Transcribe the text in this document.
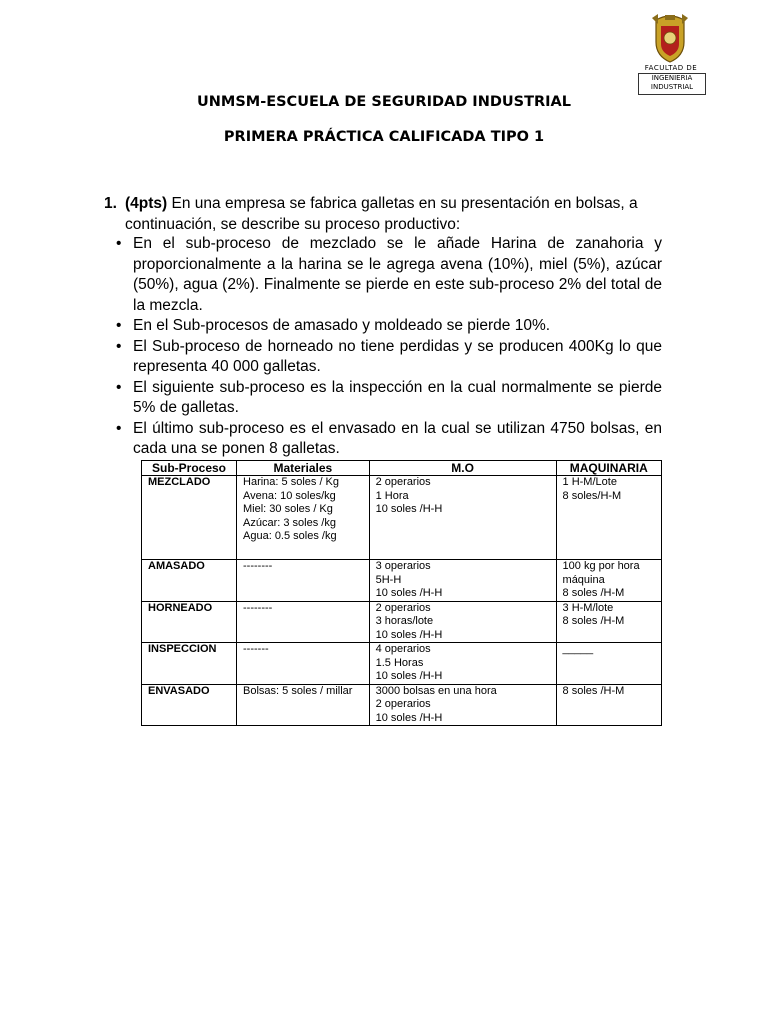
FACULTAD DE
INGENIERIA
INDUSTRIAL
UNMSM-ESCUELA DE SEGURIDAD INDUSTRIAL
PRIMERA PRÁCTICA CALIFICADA TIPO 1
1. (4pts) En una empresa se fabrica galletas en su presentación en bolsas, a continuación, se describe su proceso productivo:
• En el sub-proceso de mezclado se le añade Harina de zanahoria y proporcionalmente a la harina se le agrega avena (10%), miel (5%), azúcar (50%), agua (2%). Finalmente se pierde en este sub-proceso 2% del total de la mezcla.
• En el Sub-procesos de amasado y moldeado se pierde 10%.
• El Sub-proceso de horneado no tiene perdidas y se producen 400Kg lo que representa 40 000 galletas.
• El siguiente sub-proceso es la inspección en la cual normalmente se pierde 5% de galletas.
• El último sub-proceso es el envasado en la cual se utilizan 4750 bolsas, en cada una se ponen 8 galletas.
Sub-Proceso	Materiales	M.O	MAQUINARIA
MEZCLADO	Harina: 5 soles / Kg
Avena: 10 soles/kg
Miel: 30 soles / Kg
Azúcar: 3 soles /kg
Agua: 0.5 soles /kg	2 operarios
1 Hora
10 soles /H-H	1 H-M/Lote
8 soles/H-M

AMASADO	--------	3 operarios
5H-H
10 soles /H-H	100 kg por hora
máquina
8 soles /H-M

HORNEADO	--------	2 operarios
3 horas/lote
10 soles /H-H	3 H-M/lote
8 soles /H-M

INSPECCION	-------	4 operarios
1.5 Horas
10 soles /H-H	_____

ENVASADO	Bolsas: 5 soles / millar	3000 bolsas en una hora
2 operarios
10 soles /H-H	8 soles /H-M
